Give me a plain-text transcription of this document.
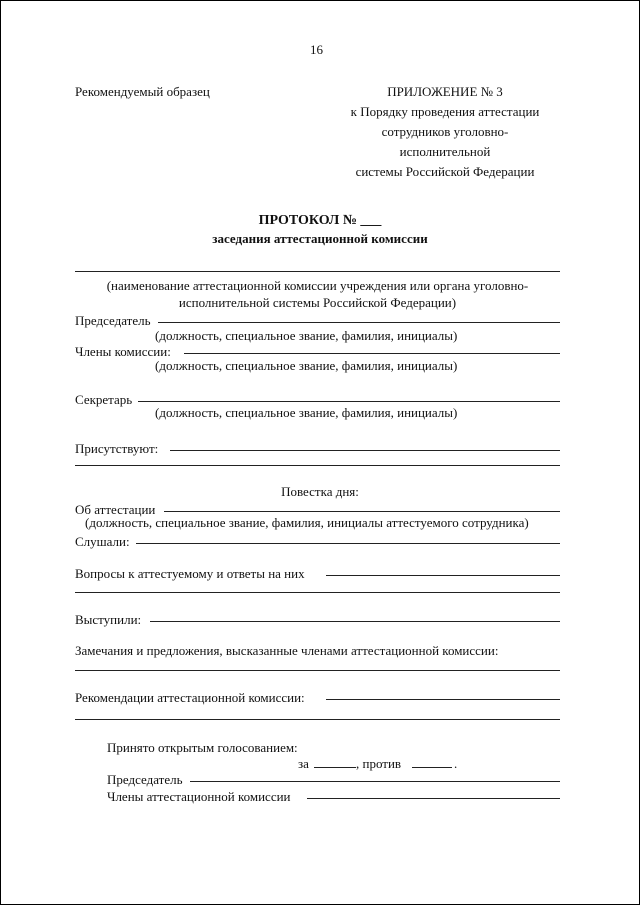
16
Рекомендуемый образец	ПРИЛОЖЕНИЕ № 3
к Порядку проведения аттестации
сотрудников уголовно-
исполнительной
системы Российской Федерации
ПРОТОКОЛ № ___
заседания аттестационной комиссии
(наименование аттестационной комиссии учреждения или органа уголовно-
исполнительной системы Российской Федерации)
Председатель
(должность, специальное звание, фамилия, инициалы)
Члены комиссии:
(должность, специальное звание, фамилия, инициалы)
Секретарь
(должность, специальное звание, фамилия, инициалы)
Присутствуют:
Повестка дня:
Об аттестации
(должность, специальное звание, фамилия, инициалы аттестуемого сотрудника)
Слушали:
Вопросы к аттестуемому и ответы на них
Выступили:
Замечания и предложения, высказанные членами аттестационной комиссии:
Рекомендации аттестационной комиссии:
Принято открытым голосованием:
за	, против	.
Председатель
Члены аттестационной комиссии
